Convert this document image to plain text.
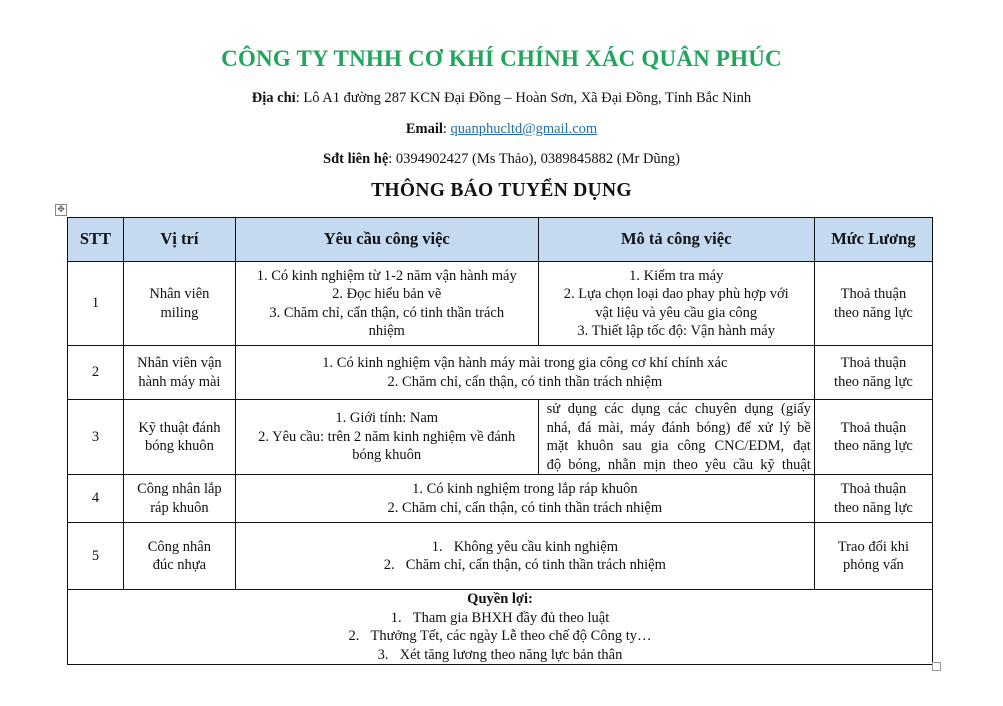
CÔNG TY TNHH CƠ KHÍ CHÍNH XÁC QUÂN PHÚC
Địa chỉ: Lô A1 đường 287 KCN Đại Đồng – Hoàn Sơn, Xã Đại Đồng, Tỉnh Bắc Ninh
Email: quanphucltd@gmail.com
Sđt liên hệ: 0394902427 (Ms Thảo), 0389845882 (Mr Dũng)
THÔNG BÁO TUYỂN DỤNG
✥
STT	Vị trí	Yêu cầu công việc	Mô tả công việc	Mức Lương
1	Nhân viên
miling	1. Có kinh nghiệm từ 1-2 năm vận hành máy
2. Đọc hiểu bản vẽ
3. Chăm chỉ, cẩn thận, có tinh thần trách
nhiệm	1. Kiểm tra máy
2. Lựa chọn loại dao phay phù hợp với
vật liệu và yêu cầu gia công
3. Thiết lập tốc độ: Vận hành máy	Thoả thuận
theo năng lực

2	Nhân viên vận
hành máy mài	1. Có kinh nghiệm vận hành máy mài trong gia công cơ khí chính xác
2. Chăm chỉ, cẩn thận, có tinh thần trách nhiệm		Thoả thuận
theo năng lực

3	Kỹ thuật đánh
bóng khuôn	1. Giới tính: Nam
2. Yêu cầu: trên 2 năm kinh nghiệm về đánh
bóng khuôn	sử dụng các dụng các chuyên dụng (giấy
nhá, đá mài, máy đánh bóng) để xử lý bề
mặt khuôn sau gia công CNC/EDM, đạt
độ bóng, nhẵn mịn theo yêu cầu kỹ thuật	Thoả thuận
theo năng lực

4	Công nhân lắp
ráp khuôn	1. Có kinh nghiệm trong lắp ráp khuôn
2. Chăm chỉ, cẩn thận, có tinh thần trách nhiệm		Thoả thuận
theo năng lực

5	Công nhân
đúc nhựa	1. Không yêu cầu kinh nghiệm
2. Chăm chỉ, cẩn thận, có tinh thần trách nhiệm		Trao đổi khi
phỏng vấn

Quyền lợi:
1. Tham gia BHXH đầy đủ theo luật
2. Thưởng Tết, các ngày Lễ theo chế độ Công ty…
3. Xét tăng lương theo năng lực bản thân				
